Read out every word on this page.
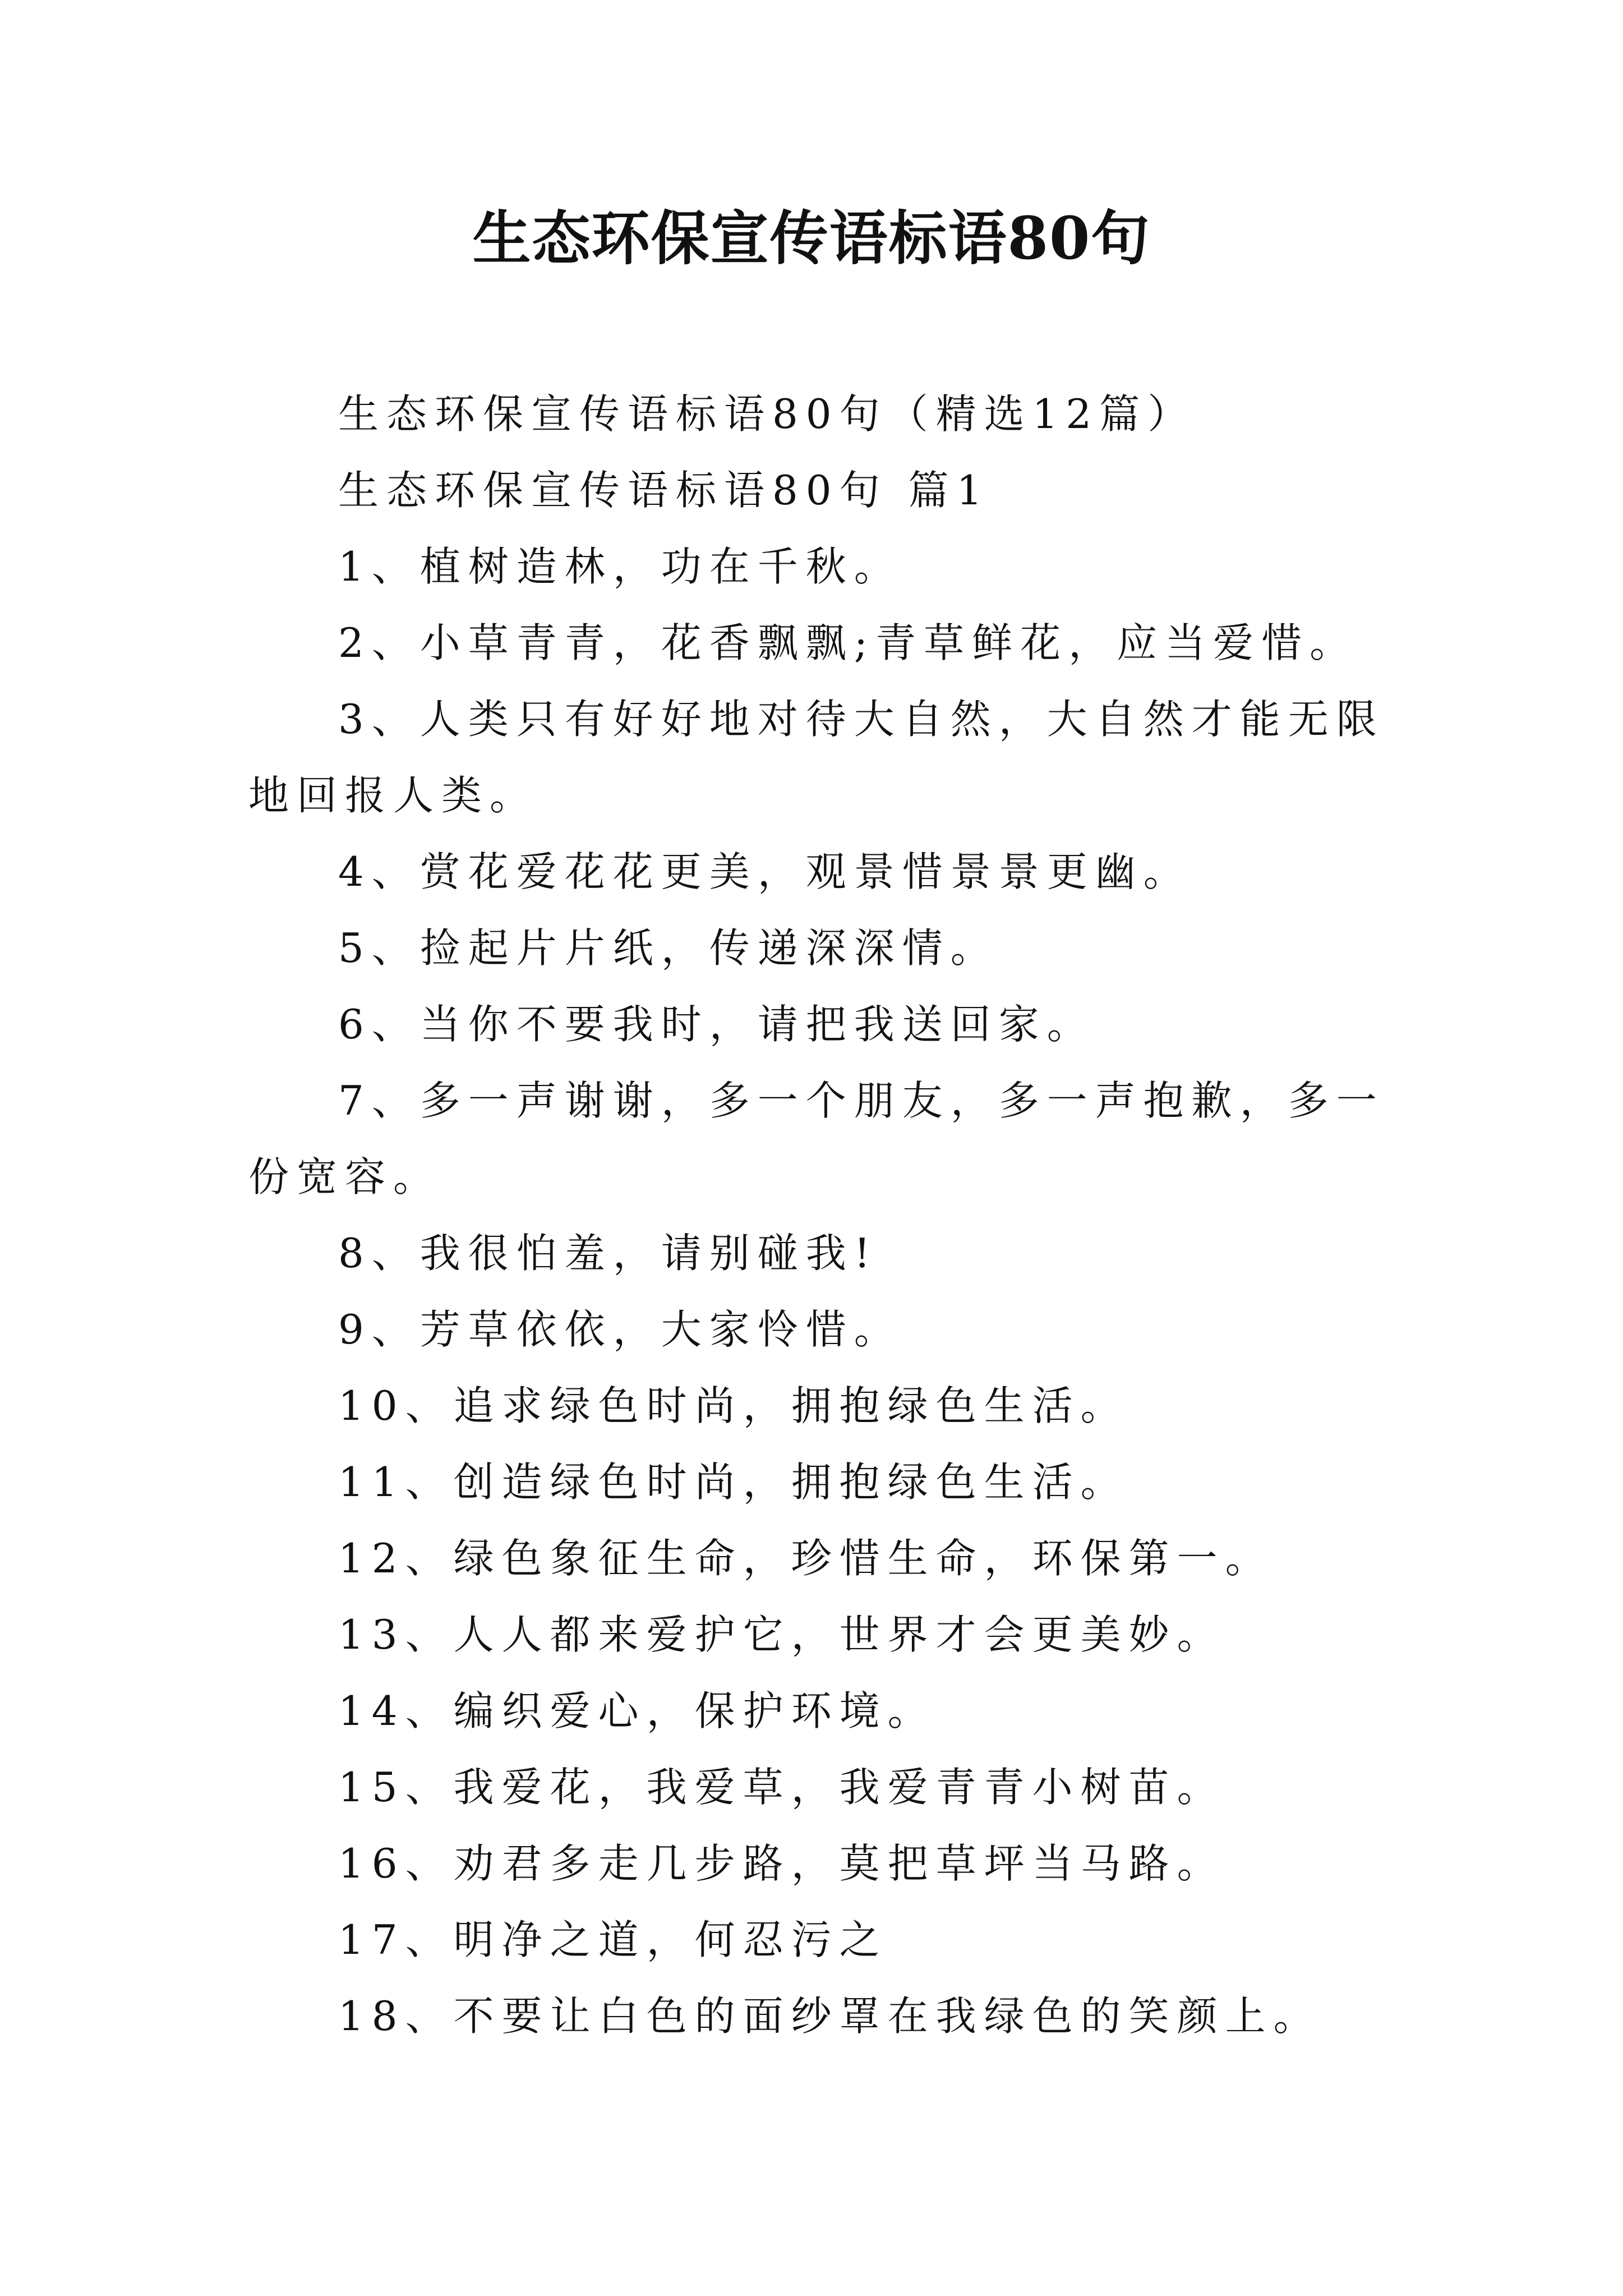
生态环保宣传语标语80句

生态环保宣传语标语80句（精选12篇）

生态环保宣传语标语80句 篇1

1、植树造林，功在千秋。

2、小草青青，花香飘飘;青草鲜花，应当爱惜。

3、人类只有好好地对待大自然，大自然才能无限地回报人类。

4、赏花爱花花更美，观景惜景景更幽。

5、捡起片片纸，传递深深情。

6、当你不要我时，请把我送回家。

7、多一声谢谢，多一个朋友，多一声抱歉，多一份宽容。

8、我很怕羞，请别碰我!

9、芳草依依，大家怜惜。

10、追求绿色时尚，拥抱绿色生活。

11、创造绿色时尚，拥抱绿色生活。

12、绿色象征生命，珍惜生命，环保第一。

13、人人都来爱护它，世界才会更美妙。

14、编织爱心，保护环境。

15、我爱花，我爱草，我爱青青小树苗。

16、劝君多走几步路，莫把草坪当马路。

17、明净之道，何忍污之

18、不要让白色的面纱罩在我绿色的笑颜上。
